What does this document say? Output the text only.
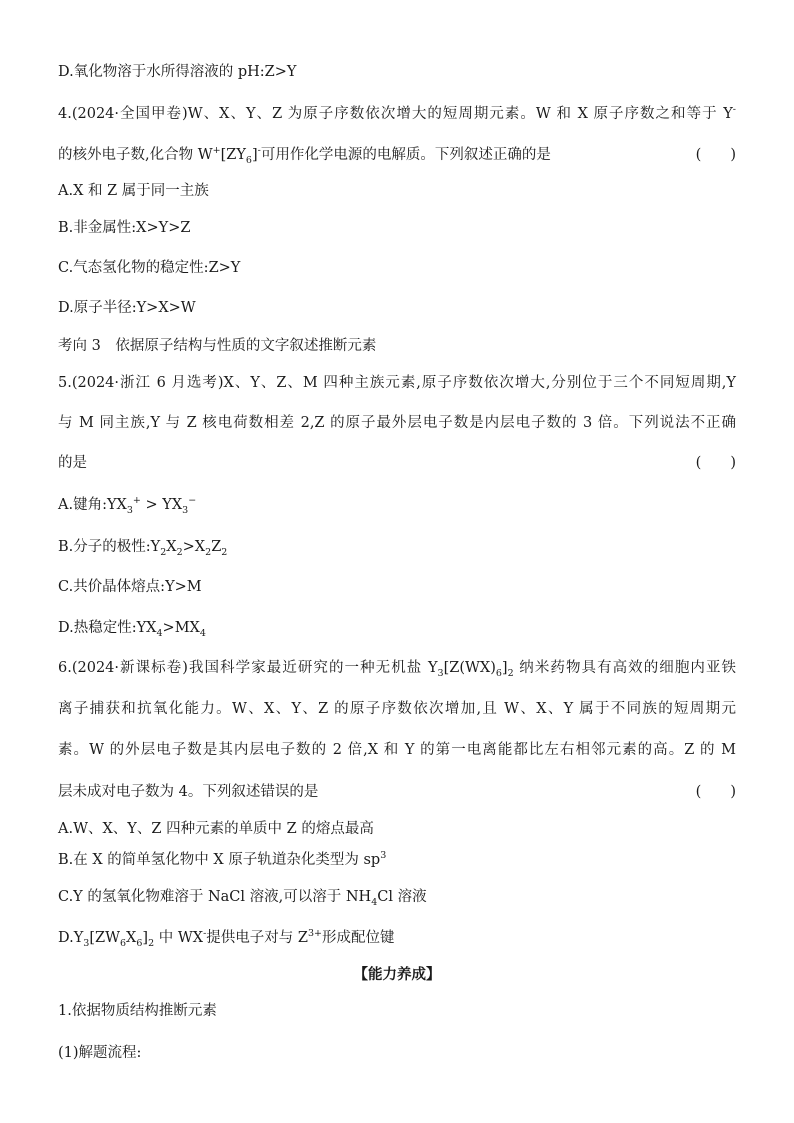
D.氧化物溶于水所得溶液的 pH:Z>Y
4.(2024·全国甲卷)W、X、Y、Z 为原子序数依次增大的短周期元素。W 和 X 原子序数之和等于 Y-
的核外电子数,化合物 $W^+[ZY_6]^-$可用作化学电源的电解质。下列叙述正确的是	(　　)
A.X 和 Z 属于同一主族
B.非金属性:X>Y>Z
C.气态氢化物的稳定性:Z>Y
D.原子半径:Y>X>W
考向 3　依据原子结构与性质的文字叙述推断元素
5.(2024·浙江 6 月选考)X、Y、Z、M 四种主族元素,原子序数依次增大,分别位于三个不同短周期,Y
与 M 同主族,Y 与 Z 核电荷数相差 2,Z 的原子最外层电子数是内层电子数的 3 倍。下列说法不正确
的是	(　　)
A.键角$:YX_3^+ > YX_3^-$
B.分子的极性$:Y_2X_2>X_2Z_2$
C.共价晶体熔点:Y>M
D.热稳定性$:YX_4>MX_4$
6.(2024·新课标卷)我国科学家最近研究的一种无机盐 $Y_3[Z(WX)_6]_2$ 纳米药物具有高效的细胞内亚铁
离子捕获和抗氧化能力。W、X、Y、Z 的原子序数依次增加,且 W、X、Y 属于不同族的短周期元
素。W 的外层电子数是其内层电子数的 2 倍,X 和 Y 的第一电离能都比左右相邻元素的高。Z 的 M
层未成对电子数为 4。下列叙述错误的是	(　　)
A.W、X、Y、Z 四种元素的单质中 Z 的熔点最高
B.在 X 的简单氢化物中 X 原子轨道杂化类型为 $sp^3$
C.Y 的氢氧化物难溶于 NaCl 溶液,可以溶于 $NH_4Cl$ 溶液
$D.Y_3[ZW_6X_6]_2$ 中 WX-提供电子对与 $Z^{3+}$形成配位键
【能力养成】
1.依据物质结构推断元素
(1)解题流程:
